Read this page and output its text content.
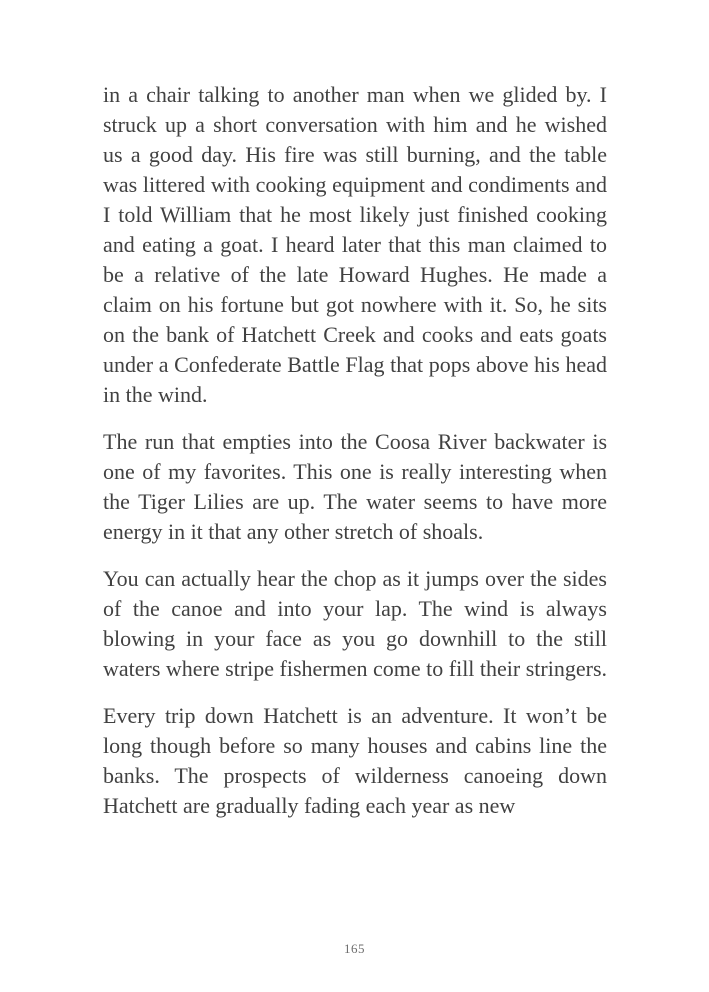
in a chair talking to another man when we glided by. I struck up a short conversation with him and he wished us a good day. His fire was still burning, and the table was littered with cooking equipment and condiments and I told William that he most likely just finished cooking and eating a goat. I heard later that this man claimed to be a relative of the late Howard Hughes. He made a claim on his fortune but got nowhere with it. So, he sits on the bank of Hatchett Creek and cooks and eats goats under a Confederate Battle Flag that pops above his head in the wind.

The run that empties into the Coosa River backwater is one of my favorites. This one is really interesting when the Tiger Lilies are up. The water seems to have more energy in it that any other stretch of shoals.

You can actually hear the chop as it jumps over the sides of the canoe and into your lap. The wind is always blowing in your face as you go downhill to the still waters where stripe fishermen come to fill their stringers.

Every trip down Hatchett is an adventure. It won’t be long though before so many houses and cabins line the banks. The prospects of wilderness canoeing down Hatchett are gradually fading each year as new

165
